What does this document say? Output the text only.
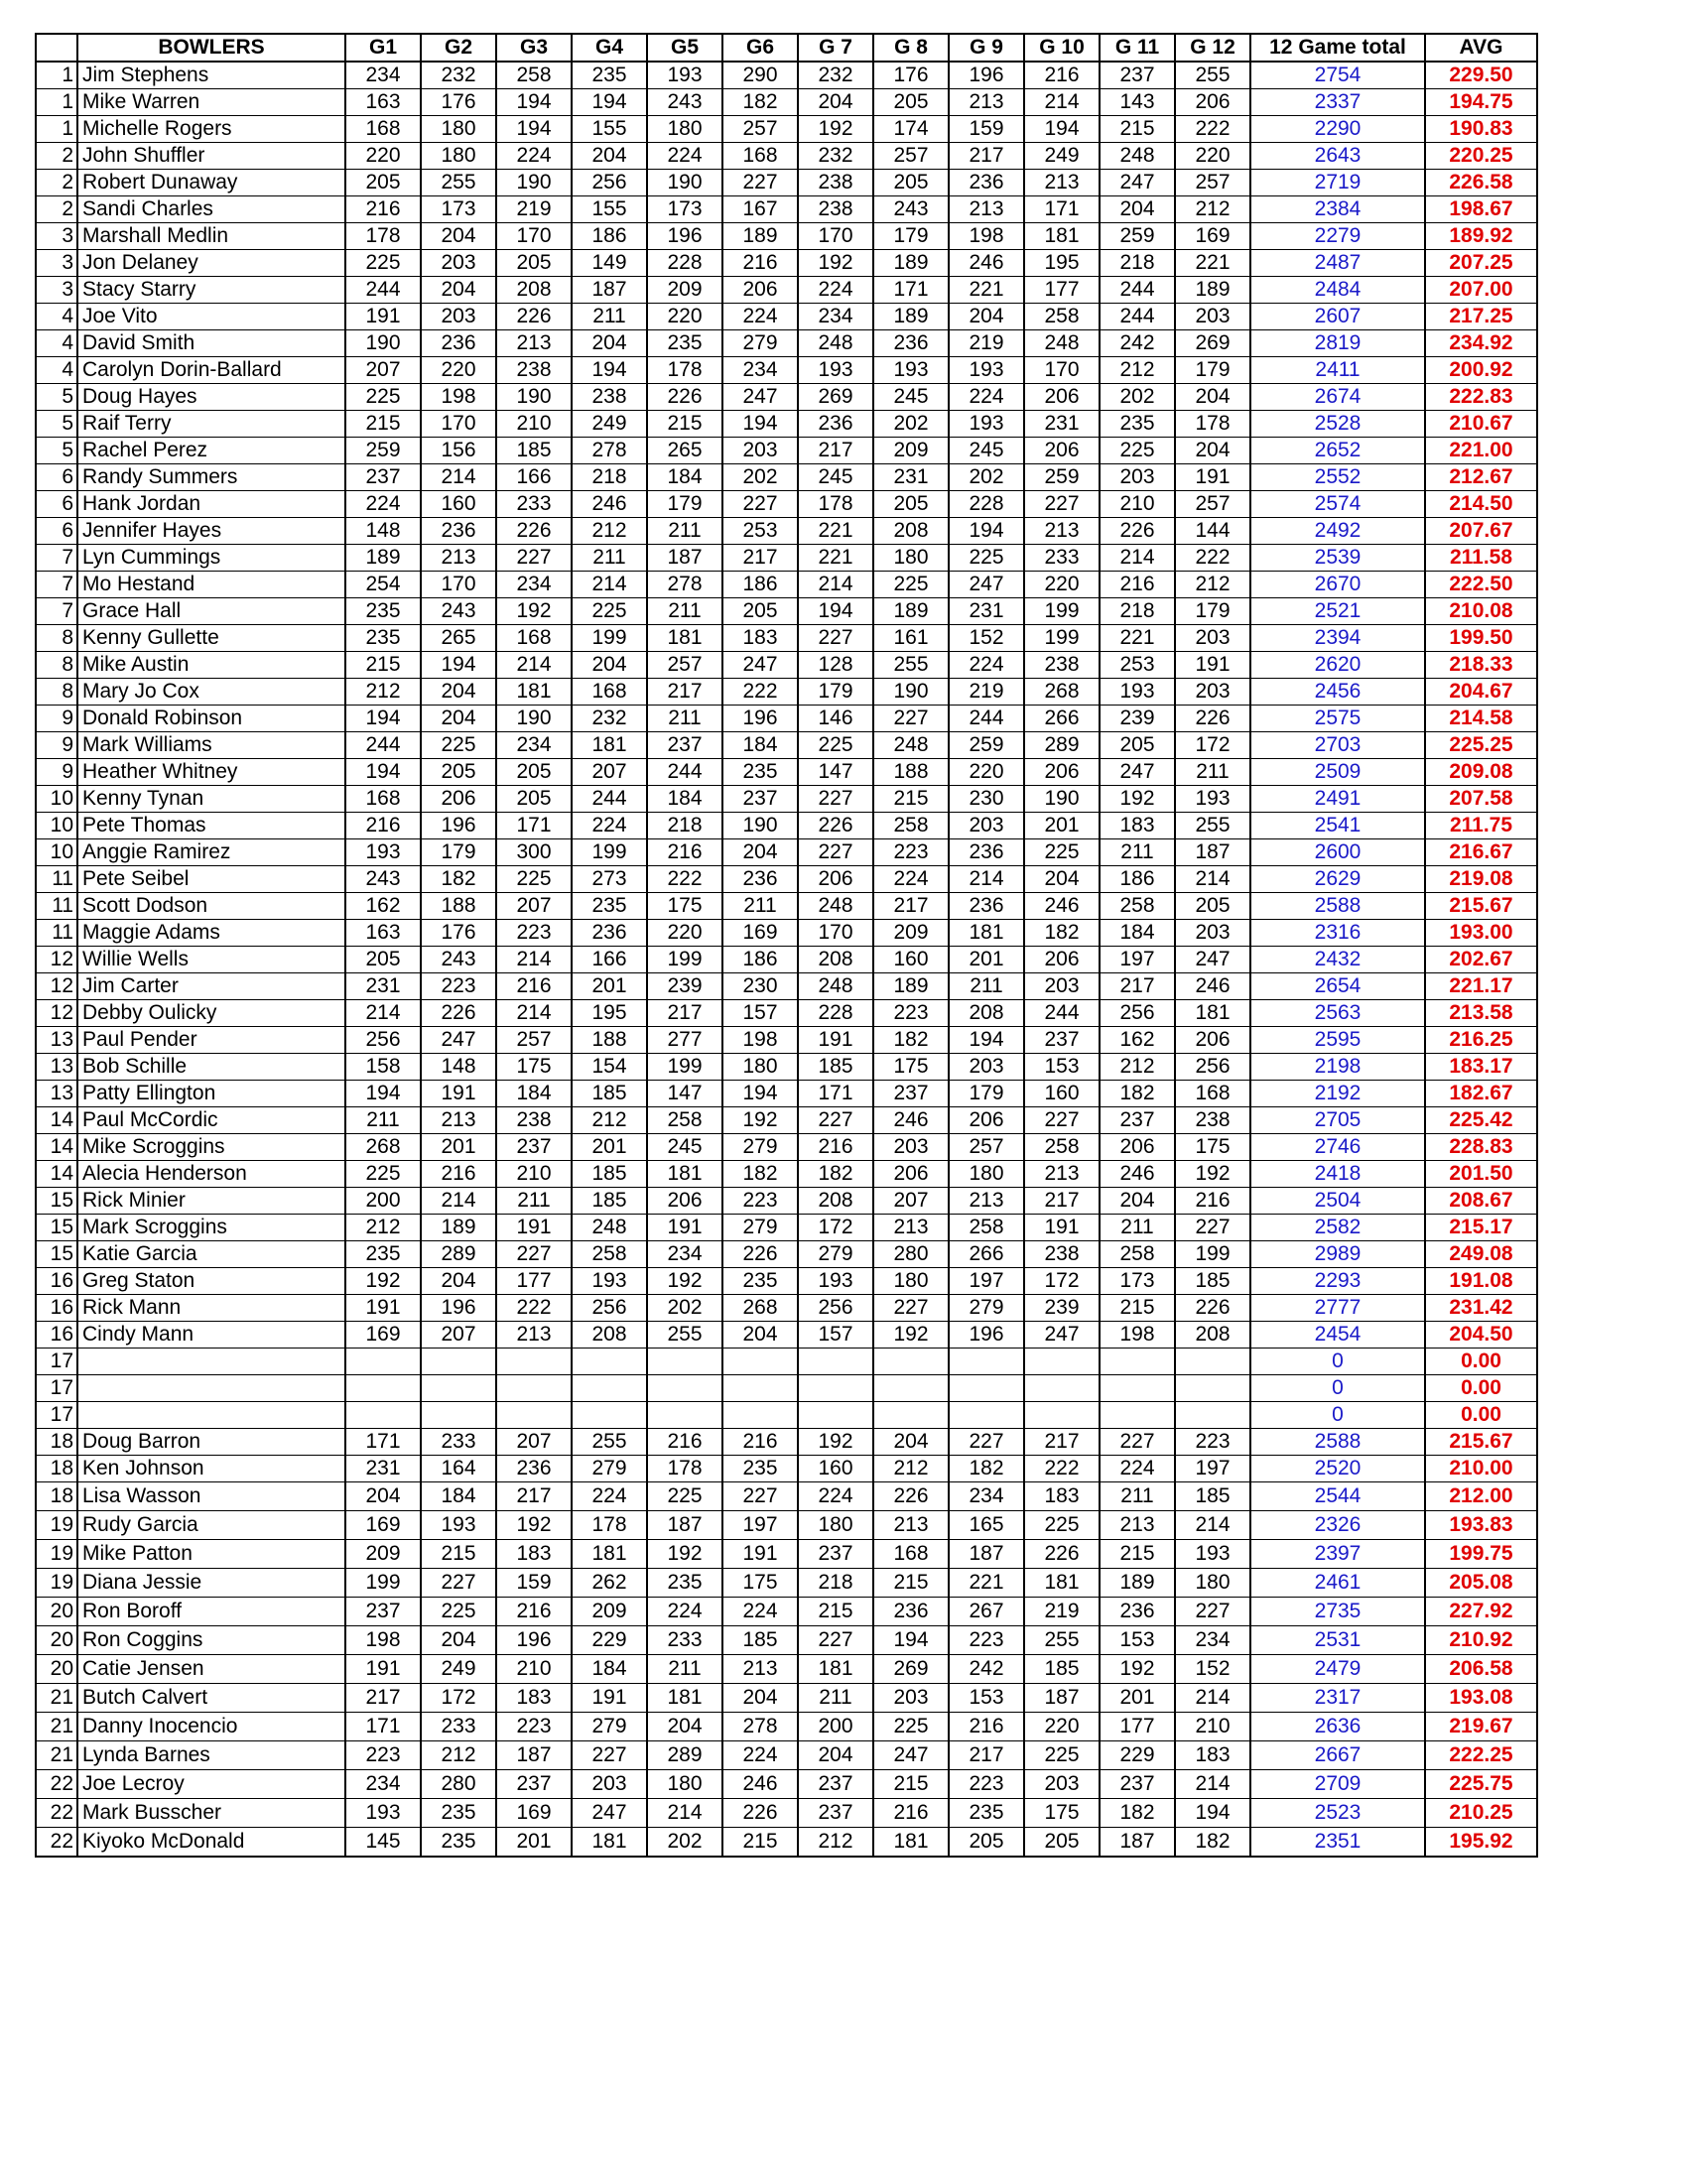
	BOWLERS	G1	G2	G3	G4	G5	G6	G 7	G 8	G 9	G 10	G 11	G 12	12 Game total	AVG
1	Jim Stephens	234	232	258	235	193	290	232	176	196	216	237	255	2754	229.50
1	Mike Warren	163	176	194	194	243	182	204	205	213	214	143	206	2337	194.75
1	Michelle Rogers	168	180	194	155	180	257	192	174	159	194	215	222	2290	190.83
2	John Shuffler	220	180	224	204	224	168	232	257	217	249	248	220	2643	220.25
2	Robert Dunaway	205	255	190	256	190	227	238	205	236	213	247	257	2719	226.58
2	Sandi Charles	216	173	219	155	173	167	238	243	213	171	204	212	2384	198.67
3	Marshall Medlin	178	204	170	186	196	189	170	179	198	181	259	169	2279	189.92
3	Jon Delaney	225	203	205	149	228	216	192	189	246	195	218	221	2487	207.25
3	Stacy Starry	244	204	208	187	209	206	224	171	221	177	244	189	2484	207.00
4	Joe Vito	191	203	226	211	220	224	234	189	204	258	244	203	2607	217.25
4	David Smith	190	236	213	204	235	279	248	236	219	248	242	269	2819	234.92
4	Carolyn Dorin-Ballard	207	220	238	194	178	234	193	193	193	170	212	179	2411	200.92
5	Doug Hayes	225	198	190	238	226	247	269	245	224	206	202	204	2674	222.83
5	Raif Terry	215	170	210	249	215	194	236	202	193	231	235	178	2528	210.67
5	Rachel Perez	259	156	185	278	265	203	217	209	245	206	225	204	2652	221.00
6	Randy Summers	237	214	166	218	184	202	245	231	202	259	203	191	2552	212.67
6	Hank Jordan	224	160	233	246	179	227	178	205	228	227	210	257	2574	214.50
6	Jennifer Hayes	148	236	226	212	211	253	221	208	194	213	226	144	2492	207.67
7	Lyn Cummings	189	213	227	211	187	217	221	180	225	233	214	222	2539	211.58
7	Mo Hestand	254	170	234	214	278	186	214	225	247	220	216	212	2670	222.50
7	Grace Hall	235	243	192	225	211	205	194	189	231	199	218	179	2521	210.08
8	Kenny Gullette	235	265	168	199	181	183	227	161	152	199	221	203	2394	199.50
8	Mike Austin	215	194	214	204	257	247	128	255	224	238	253	191	2620	218.33
8	Mary Jo Cox	212	204	181	168	217	222	179	190	219	268	193	203	2456	204.67
9	Donald Robinson	194	204	190	232	211	196	146	227	244	266	239	226	2575	214.58
9	Mark Williams	244	225	234	181	237	184	225	248	259	289	205	172	2703	225.25
9	Heather Whitney	194	205	205	207	244	235	147	188	220	206	247	211	2509	209.08
10	Kenny Tynan	168	206	205	244	184	237	227	215	230	190	192	193	2491	207.58
10	Pete Thomas	216	196	171	224	218	190	226	258	203	201	183	255	2541	211.75
10	Anggie Ramirez	193	179	300	199	216	204	227	223	236	225	211	187	2600	216.67
11	Pete Seibel	243	182	225	273	222	236	206	224	214	204	186	214	2629	219.08
11	Scott Dodson	162	188	207	235	175	211	248	217	236	246	258	205	2588	215.67
11	Maggie Adams	163	176	223	236	220	169	170	209	181	182	184	203	2316	193.00
12	Willie Wells	205	243	214	166	199	186	208	160	201	206	197	247	2432	202.67
12	Jim Carter	231	223	216	201	239	230	248	189	211	203	217	246	2654	221.17
12	Debby Oulicky	214	226	214	195	217	157	228	223	208	244	256	181	2563	213.58
13	Paul Pender	256	247	257	188	277	198	191	182	194	237	162	206	2595	216.25
13	Bob Schille	158	148	175	154	199	180	185	175	203	153	212	256	2198	183.17
13	Patty Ellington	194	191	184	185	147	194	171	237	179	160	182	168	2192	182.67
14	Paul McCordic	211	213	238	212	258	192	227	246	206	227	237	238	2705	225.42
14	Mike Scroggins	268	201	237	201	245	279	216	203	257	258	206	175	2746	228.83
14	Alecia Henderson	225	216	210	185	181	182	182	206	180	213	246	192	2418	201.50
15	Rick Minier	200	214	211	185	206	223	208	207	213	217	204	216	2504	208.67
15	Mark Scroggins	212	189	191	248	191	279	172	213	258	191	211	227	2582	215.17
15	Katie Garcia	235	289	227	258	234	226	279	280	266	238	258	199	2989	249.08
16	Greg Staton	192	204	177	193	192	235	193	180	197	172	173	185	2293	191.08
16	Rick Mann	191	196	222	256	202	268	256	227	279	239	215	226	2777	231.42
16	Cindy Mann	169	207	213	208	255	204	157	192	196	247	198	208	2454	204.50
17														0	0.00
17														0	0.00
17														0	0.00
18	Doug Barron	171	233	207	255	216	216	192	204	227	217	227	223	2588	215.67
18	Ken Johnson	231	164	236	279	178	235	160	212	182	222	224	197	2520	210.00
18	Lisa Wasson	204	184	217	224	225	227	224	226	234	183	211	185	2544	212.00
19	Rudy Garcia	169	193	192	178	187	197	180	213	165	225	213	214	2326	193.83
19	Mike Patton	209	215	183	181	192	191	237	168	187	226	215	193	2397	199.75
19	Diana Jessie	199	227	159	262	235	175	218	215	221	181	189	180	2461	205.08
20	Ron Boroff	237	225	216	209	224	224	215	236	267	219	236	227	2735	227.92
20	Ron Coggins	198	204	196	229	233	185	227	194	223	255	153	234	2531	210.92
20	Catie Jensen	191	249	210	184	211	213	181	269	242	185	192	152	2479	206.58
21	Butch Calvert	217	172	183	191	181	204	211	203	153	187	201	214	2317	193.08
21	Danny Inocencio	171	233	223	279	204	278	200	225	216	220	177	210	2636	219.67
21	Lynda Barnes	223	212	187	227	289	224	204	247	217	225	229	183	2667	222.25
22	Joe Lecroy	234	280	237	203	180	246	237	215	223	203	237	214	2709	225.75
22	Mark Busscher	193	235	169	247	214	226	237	216	235	175	182	194	2523	210.25
22	Kiyoko McDonald	145	235	201	181	202	215	212	181	205	205	187	182	2351	195.92
